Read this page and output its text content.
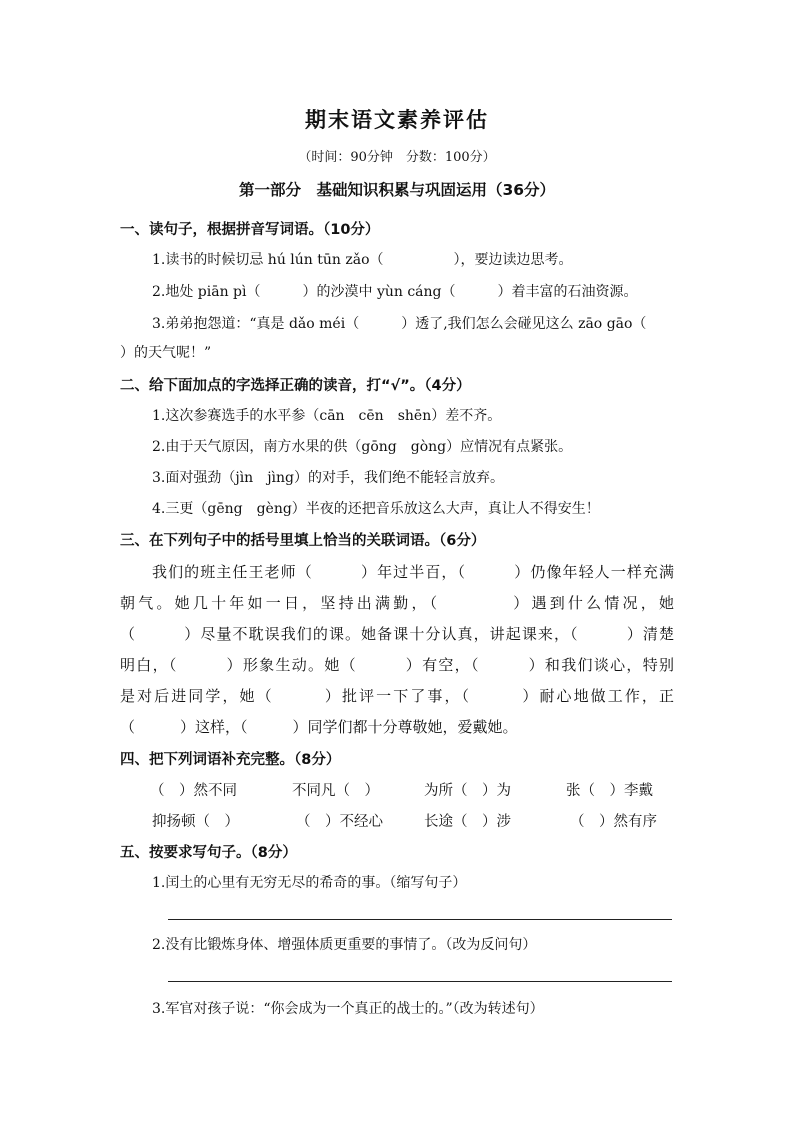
期末语文素养评估
（时间：90分钟　分数：100分）
第一部分　基础知识积累与巩固运用（36分）
一、读句子，根据拼音写词语。（10分）
1.读书的时候切忌 hú lún tūn zǎo（　　　　　），要边读边思考。
2.地处 piān pì（　　　）的沙漠中 yùn cáng（　　　）着丰富的石油资源。
3.弟弟抱怨道：“真是 dǎo méi（　　　）透了,我们怎么会碰见这么 zāo gāo（
）的天气呢！”
二、给下面加点的字选择正确的读音，打“√”。（4分）
1.这次参赛选手的水平参（cān　cēn　shēn）差不齐。
2.由于天气原因，南方水果的供（gōng　gòng）应情况有点紧张。
3.面对强劲（jìn　jìng）的对手，我们绝不能轻言放弃。
4.三更（gēng　gèng）半夜的还把音乐放这么大声，真让人不得安生！
三、在下列句子中的括号里填上恰当的关联词语。（6分）
我们的班主任王老师（　　　）年过半百，（　　　）仍像年轻人一样充满
朝气。她几十年如一日，坚持出满勤，（　　　　）遇到什么情况，她
（　　　）尽量不耽误我们的课。她备课十分认真，讲起课来，（　　　）清楚
明白，（　　　）形象生动。她（　　　）有空，（　　　）和我们谈心，特别
是对后进同学，她（　　　）批评一下了事，（　　　）耐心地做工作，正
（　　　）这样，（　　　）同学们都十分尊敬她，爱戴她。
四、把下列词语补充完整。（8分）
（　）然不同	不同凡（　）	为所（　）为	张（　）李戴
抑扬顿（　）	（　）不经心	长途（　）涉	（　）然有序
五、按要求写句子。（8分）
1.闰土的心里有无穷无尽的希奇的事。（缩写句子）
2.没有比锻炼身体、增强体质更重要的事情了。（改为反问句）
3.军官对孩子说：“你会成为一个真正的战士的。”（改为转述句）
